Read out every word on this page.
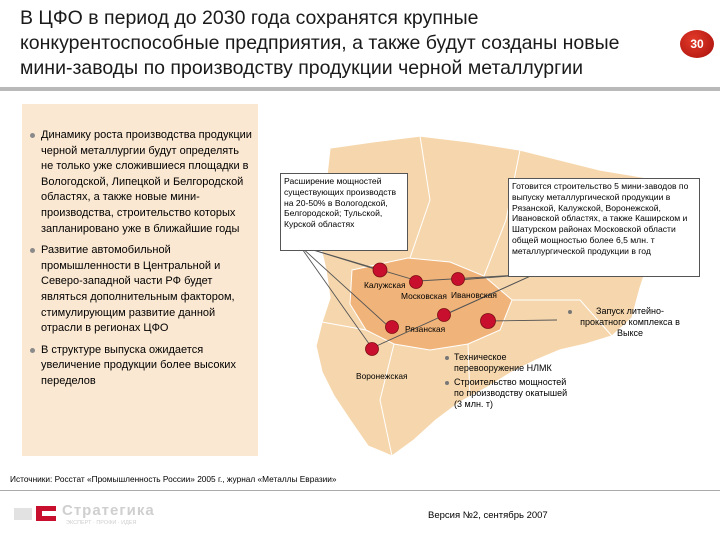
В ЦФО в период до 2030 года сохранятся крупные конкурентоспособные предприятия, а также будут созданы новые мини-заводы по производству продукции черной металлургии
30
Динамику роста производства продукции черной металлургии будут определять не только уже сложившиеся площадки в Вологодской, Липецкой и Белгородской областях, а также новые мини-производства, строительство которых запланировано уже в ближайшие годы
Развитие автомобильной промышленности в Центральной и Северо-западной части РФ будет являться дополнительным фактором, стимулирующим развитие данной отрасли в регионах ЦФО
В структуре выпуска ожидается увеличение продукции более высоких переделов
Расширение мощностей существующих производств на 20-50% в Вологодской, Белгородской; Тульской, Курской областях
Готовится строительство 5 мини-заводов по выпуску металлургической продукции в Рязанской, Калужской, Воронежской, Ивановской областях, а также Каширском и Шатурском районах Московской области общей мощностью более 6,5 млн. т металлургической продукции в год
Калужская
Московская Ивановская
Рязанская
Воронежская
Запуск литейно-прокатного комплекса в Выксе
Техническое перевооружение НЛМК
Строительство мощностей по производству окатышей (3 млн. т)
Источники: Росстат «Промышленность России» 2005 г., журнал «Металлы Евразии»
Стратегика
ЭКСПЕРТ · ПРОФИ · ИДЕЯ
Версия №2, сентябрь 2007
